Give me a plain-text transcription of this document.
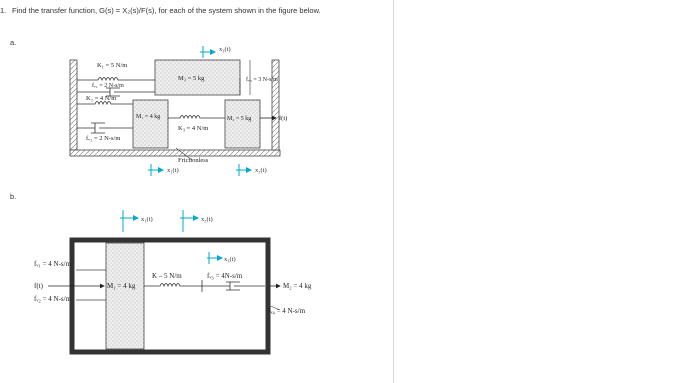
1. Find the transfer function, G(s) = X₂(s)/F(s), for each of the system shown in the figure below.
a.
b.
x₃(t)
K₁ = 5 N/m
fᵥ₁ = 2 N-s/m
K₂ = 4 N/m
fᵥ₂ = 2 N-s/m
M₃ = 5 kg	fᵥ₃ = 3 N-s/m
M₁ = 4 kg
K₃ = 4 N/m
M₂ = 5 kg	f(t)
Frictionless
x₁(t)	x₂(t)
x₁(t)	x₂(t)
x₃(t)
fᵥ₁ = 4 N-s/m
f(t)
fᵥ₂ = 4 N-s/m
M₁ = 4 kg
K – 5 N/m	fᵥ₃ = 4N-s/m
M₂ = 4 kg
fᵥ₄ = 4 N-s/m
